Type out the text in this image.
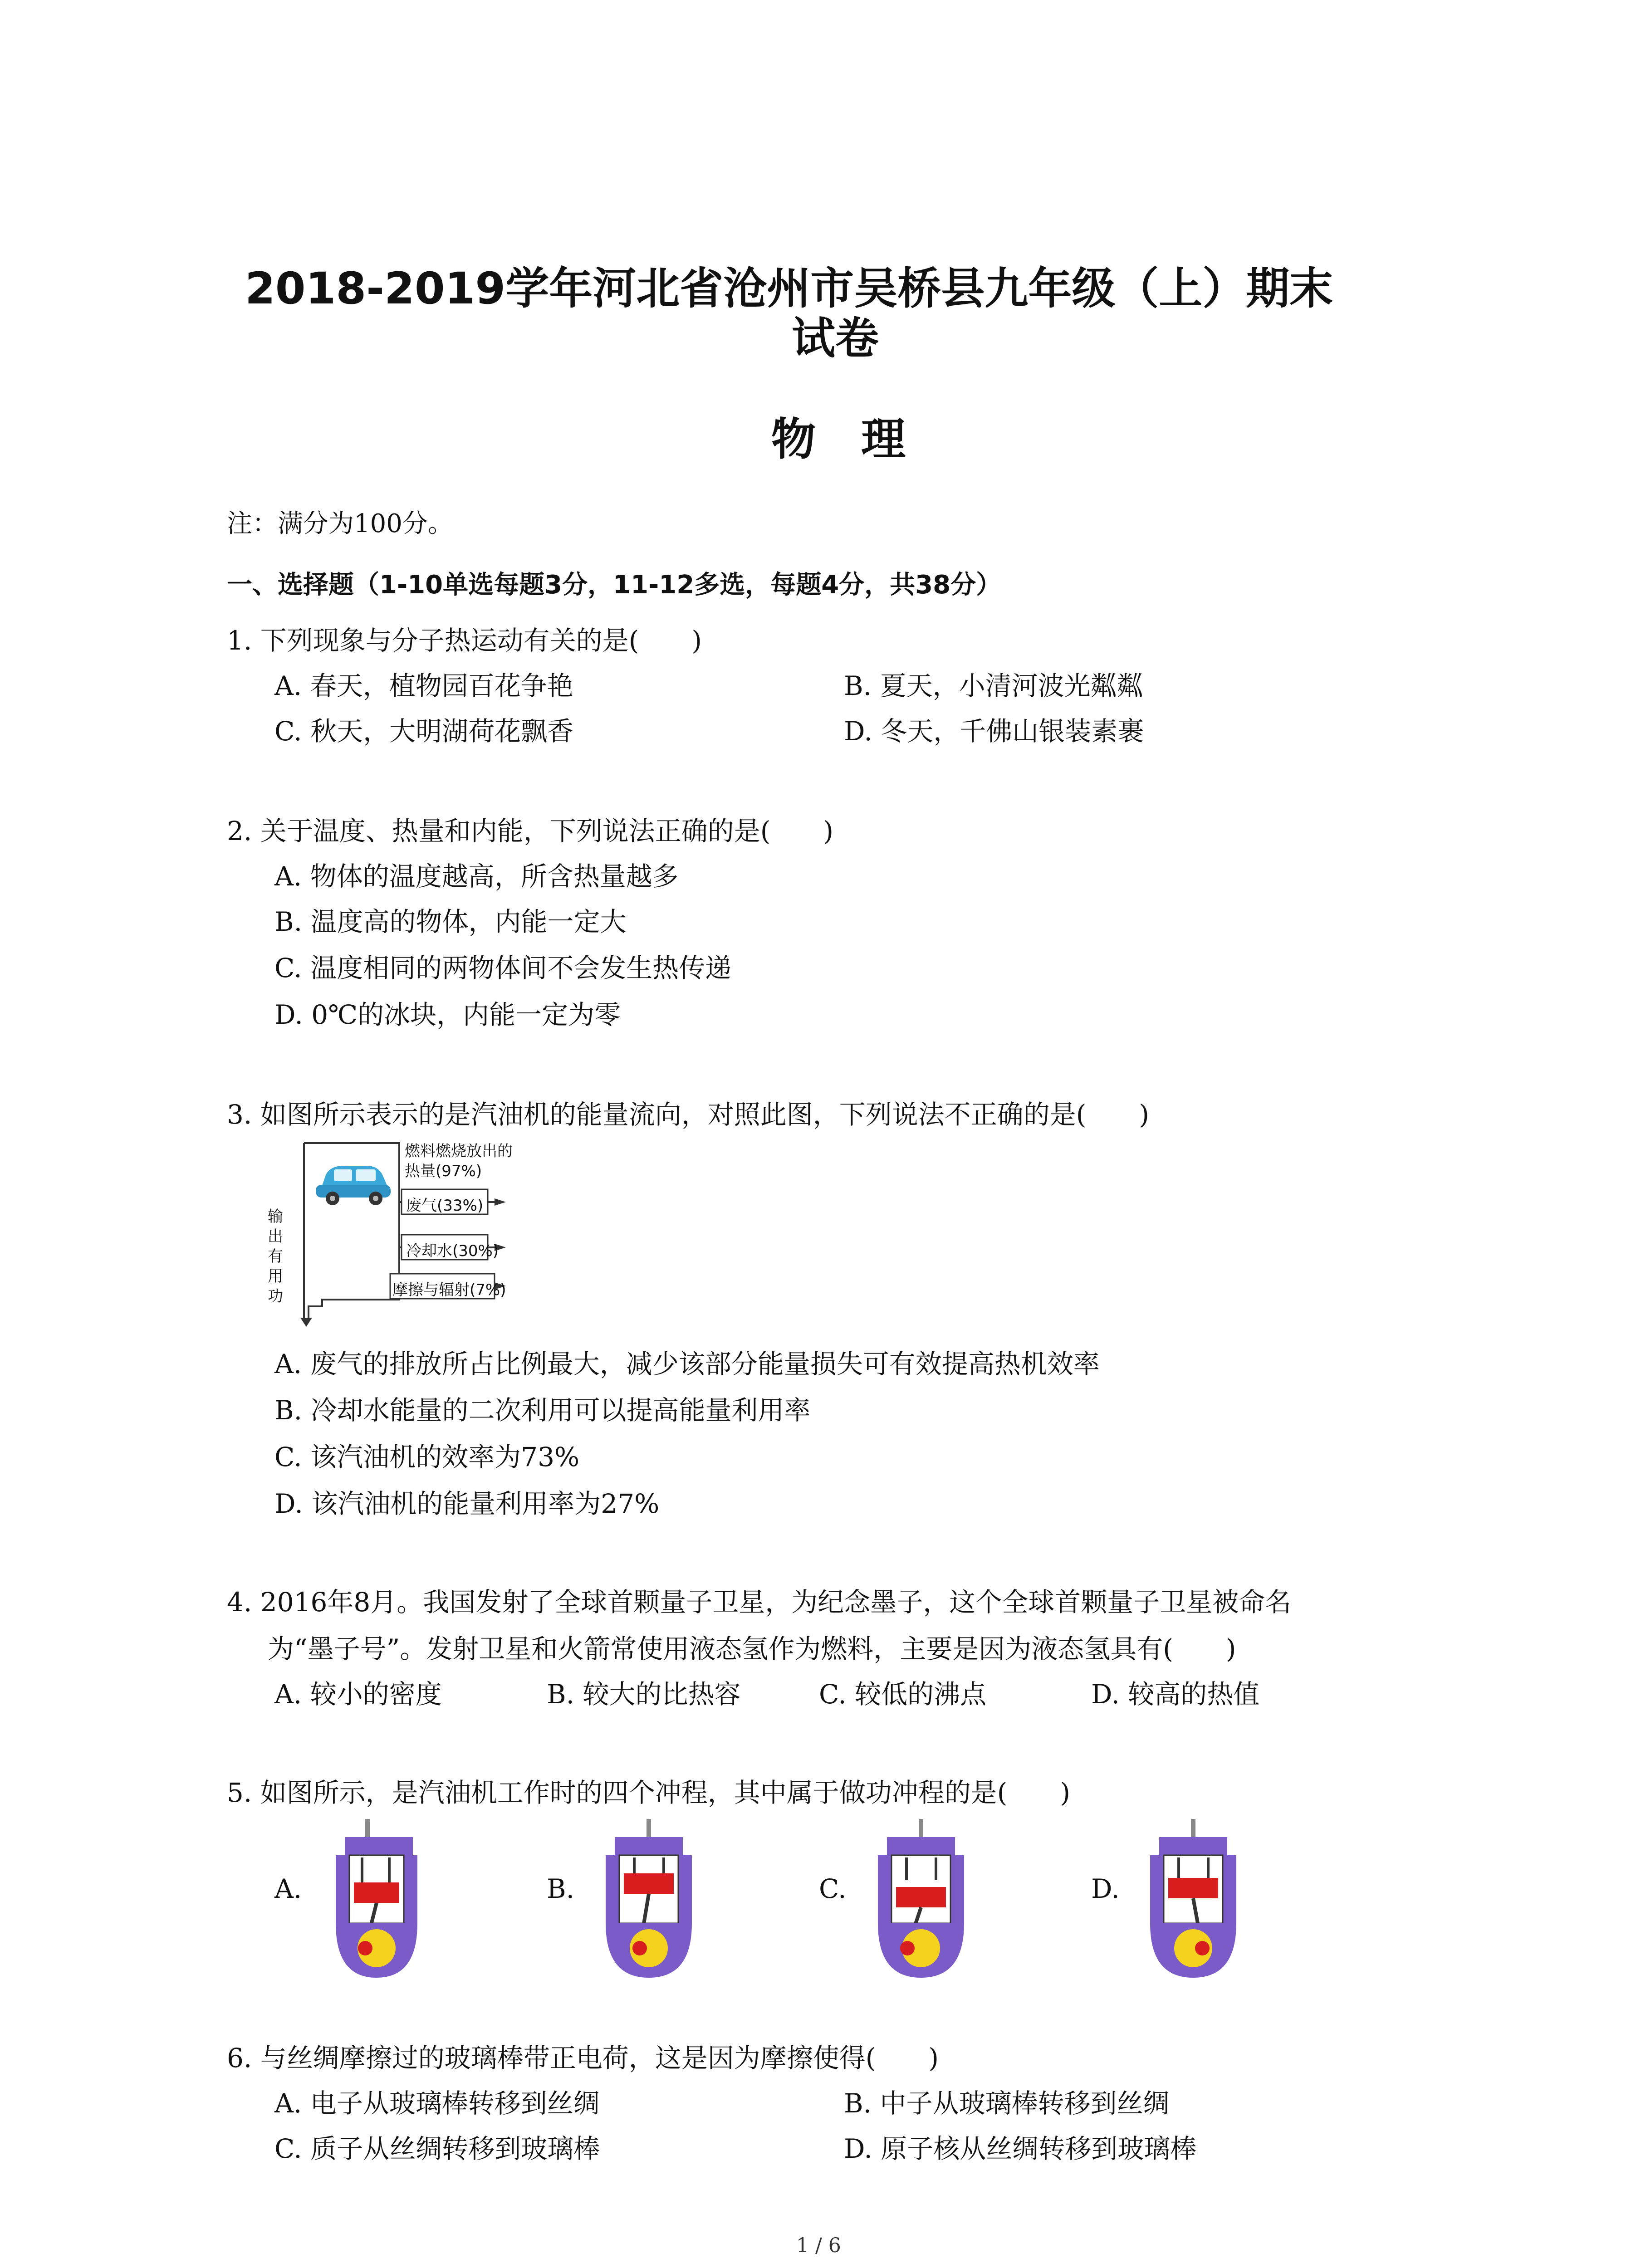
2018-2019学年河北省沧州市吴桥县九年级（上）期末
试卷
物理
注：满分为100分。
一、选择题（1-10单选每题3分，11-12多选，每题4分，共38分）
1. 下列现象与分子热运动有关的是(　　)
A. 春天，植物园百花争艳	B. 夏天，小清河波光粼粼
C. 秋天，大明湖荷花飘香	D. 冬天，千佛山银装素裹
2. 关于温度、热量和内能，下列说法正确的是(　　)
A. 物体的温度越高，所含热量越多
B. 温度高的物体，内能一定大
C. 温度相同的两物体间不会发生热传递
D. 0℃的冰块，内能一定为零
3. 如图所示表示的是汽油机的能量流向，对照此图，下列说法不正确的是(　　)
燃料燃烧放出的
热量(97%)
废气(33%)
冷却水(30%)
摩擦与辐射(7%)
输
出
有
用
功
A. 废气的排放所占比例最大，减少该部分能量损失可有效提高热机效率
B. 冷却水能量的二次利用可以提高能量利用率
C. 该汽油机的效率为73%
D. 该汽油机的能量利用率为27%
4. 2016年8月。我国发射了全球首颗量子卫星，为纪念墨子，这个全球首颗量子卫星被命名
为“墨子号”。发射卫星和火箭常使用液态氢作为燃料，主要是因为液态氢具有(　　)
A. 较小的密度	B. 较大的比热容	C. 较低的沸点	D. 较高的热值
5. 如图所示，是汽油机工作时的四个冲程，其中属于做功冲程的是(　　)
A.	B.	C.	D.
6. 与丝绸摩擦过的玻璃棒带正电荷，这是因为摩擦使得(　　)
A. 电子从玻璃棒转移到丝绸	B. 中子从玻璃棒转移到丝绸
C. 质子从丝绸转移到玻璃棒	D. 原子核从丝绸转移到玻璃棒
1 / 6
